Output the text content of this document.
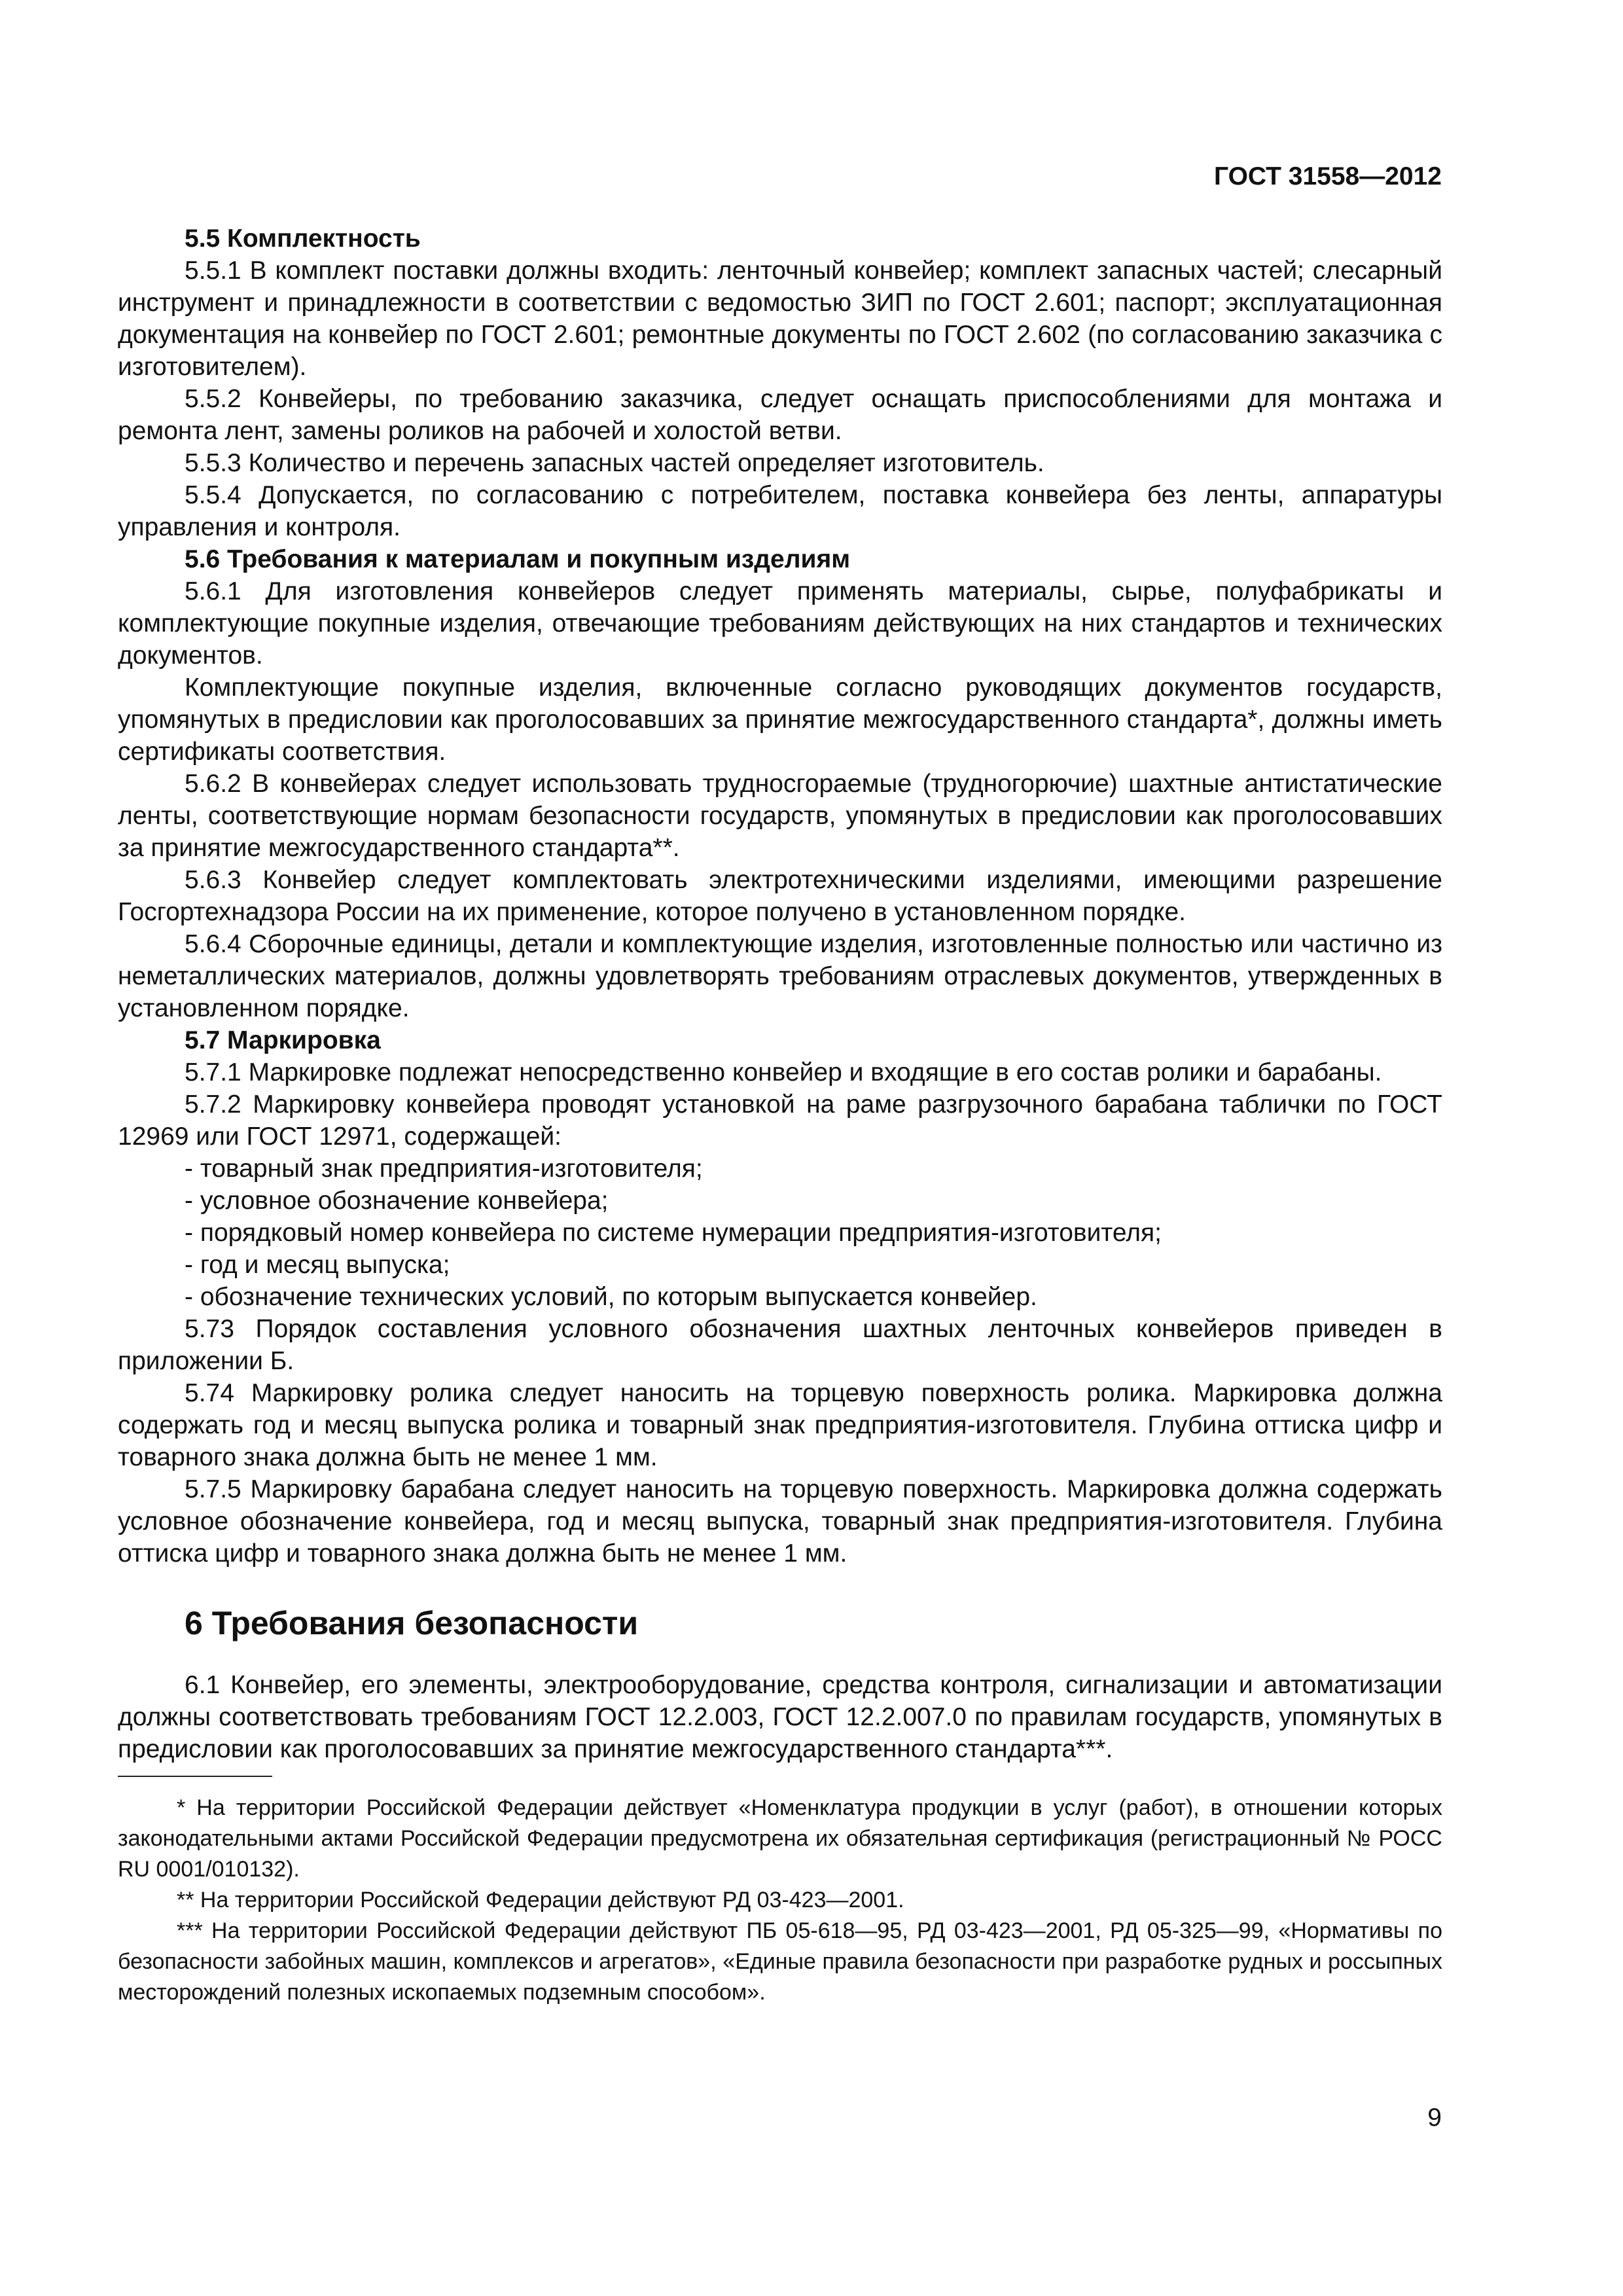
ГОСТ 31558—2012
5.5 Комплектность

5.5.1 В комплект поставки должны входить: ленточный конвейер; комплект запасных частей; слесарный инструмент и принадлежности в соответствии с ведомостью ЗИП по ГОСТ 2.601; паспорт; эксплуатационная документация на конвейер по ГОСТ 2.601; ремонтные документы по ГОСТ 2.602 (по согласованию заказчика с изготовителем).

5.5.2 Конвейеры, по требованию заказчика, следует оснащать приспособлениями для монтажа и ремонта лент, замены роликов на рабочей и холостой ветви.

5.5.3 Количество и перечень запасных частей определяет изготовитель.

5.5.4 Допускается, по согласованию с потребителем, поставка конвейера без ленты, аппаратуры управления и контроля.

5.6 Требования к материалам и покупным изделиям

5.6.1 Для изготовления конвейеров следует применять материалы, сырье, полуфабрикаты и комплектующие покупные изделия, отвечающие требованиям действующих на них стандартов и технических документов.

Комплектующие покупные изделия, включенные согласно руководящих документов государств, упомянутых в предисловии как проголосовавших за принятие межгосударственного стандарта*, должны иметь сертификаты соответствия.

5.6.2 В конвейерах следует использовать трудносгораемые (трудногорючие) шахтные антистатические ленты, соответствующие нормам безопасности государств, упомянутых в предисловии как проголосовавших за принятие межгосударственного стандарта**.

5.6.3 Конвейер следует комплектовать электротехническими изделиями, имеющими разрешение Госгортехнадзора России на их применение, которое получено в установленном порядке.

5.6.4 Сборочные единицы, детали и комплектующие изделия, изготовленные полностью или частично из неметаллических материалов, должны удовлетворять требованиям отраслевых документов, утвержденных в установленном порядке.

5.7 Маркировка

5.7.1 Маркировке подлежат непосредственно конвейер и входящие в его состав ролики и барабаны.

5.7.2 Маркировку конвейера проводят установкой на раме разгрузочного барабана таблички по ГОСТ 12969 или ГОСТ 12971, содержащей:

- товарный знак предприятия-изготовителя;
- условное обозначение конвейера;
- порядковый номер конвейера по системе нумерации предприятия-изготовителя;
- год и месяц выпуска;
- обозначение технических условий, по которым выпускается конвейер.

5.73 Порядок составления условного обозначения шахтных ленточных конвейеров приведен в приложении Б.

5.74 Маркировку ролика следует наносить на торцевую поверхность ролика. Маркировка должна содержать год и месяц выпуска ролика и товарный знак предприятия-изготовителя. Глубина оттиска цифр и товарного знака должна быть не менее 1 мм.

5.7.5 Маркировку барабана следует наносить на торцевую поверхность. Маркировка должна содержать условное обозначение конвейера, год и месяц выпуска, товарный знак предприятия-изготовителя. Глубина оттиска цифр и товарного знака должна быть не менее 1 мм.

6 Требования безопасности

6.1 Конвейер, его элементы, электрооборудование, средства контроля, сигнализации и автоматизации должны соответствовать требованиям ГОСТ 12.2.003, ГОСТ 12.2.007.0 по правилам государств, упомянутых в предисловии как проголосовавших за принятие межгосударственного стандарта***.

* На территории Российской Федерации действует «Номенклатура продукции в услуг (работ), в отношении которых законодательными актами Российской Федерации предусмотрена их обязательная сертификация (регистрационный № РОСС RU 0001/010132).

** На территории Российской Федерации действуют РД 03-423—2001.

*** На территории Российской Федерации действуют ПБ 05-618—95, РД 03-423—2001, РД 05-325—99, «Нормативы по безопасности забойных машин, комплексов и агрегатов», «Единые правила безопасности при разработке рудных и россыпных месторождений полезных ископаемых подземным способом».

9
